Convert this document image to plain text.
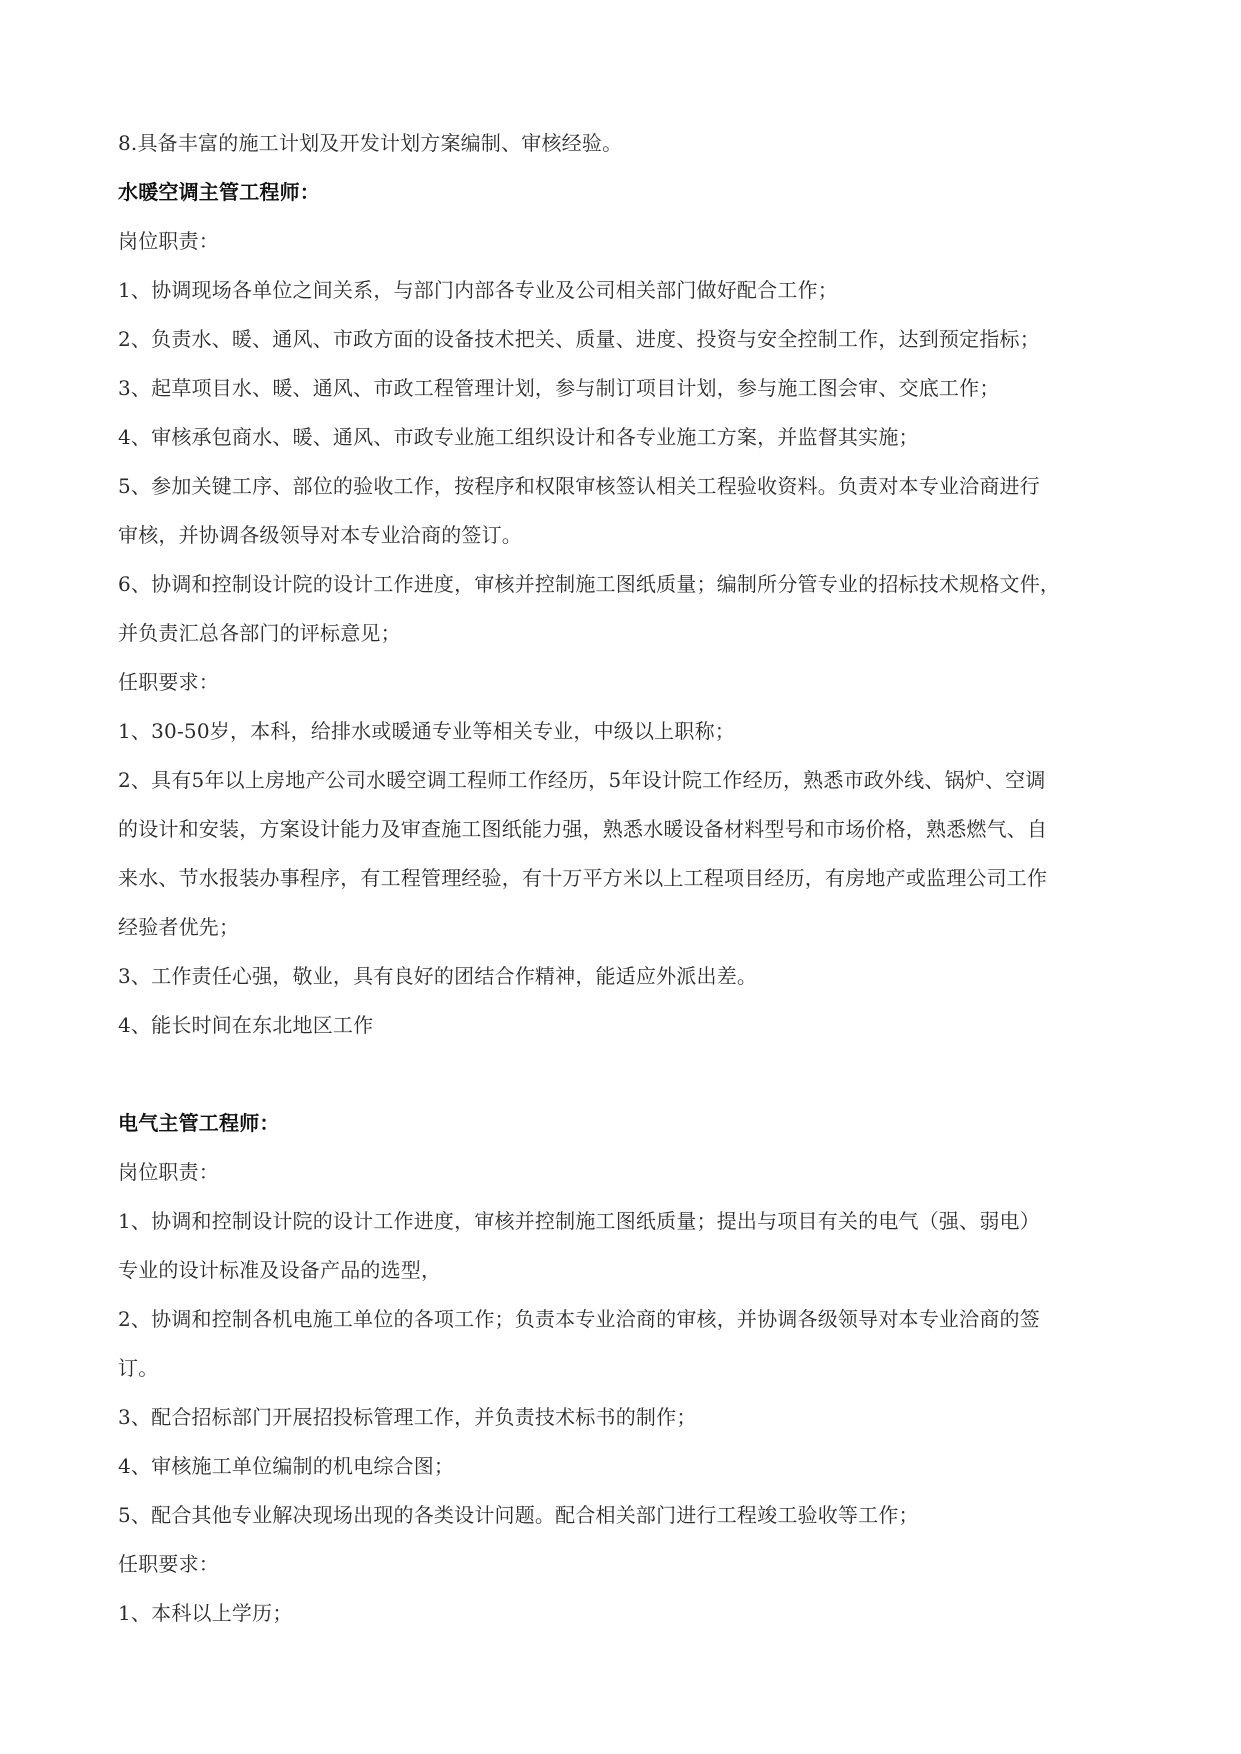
8.具备丰富的施工计划及开发计划方案编制、审核经验。
水暖空调主管工程师：
岗位职责：
1、协调现场各单位之间关系，与部门内部各专业及公司相关部门做好配合工作；
2、负责水、暖、通风、市政方面的设备技术把关、质量、进度、投资与安全控制工作，达到预定指标；
3、起草项目水、暖、通风、市政工程管理计划，参与制订项目计划，参与施工图会审、交底工作；
4、审核承包商水、暖、通风、市政专业施工组织设计和各专业施工方案，并监督其实施；
5、参加关键工序、部位的验收工作，按程序和权限审核签认相关工程验收资料。负责对本专业洽商进行
审核，并协调各级领导对本专业洽商的签订。
6、协调和控制设计院的设计工作进度，审核并控制施工图纸质量；编制所分管专业的招标技术规格文件，
并负责汇总各部门的评标意见；
任职要求：
1、30-50岁，本科，给排水或暖通专业等相关专业，中级以上职称；
2、具有5年以上房地产公司水暖空调工程师工作经历，5年设计院工作经历，熟悉市政外线、锅炉、空调
的设计和安装，方案设计能力及审查施工图纸能力强，熟悉水暖设备材料型号和市场价格，熟悉燃气、自
来水、节水报装办事程序，有工程管理经验，有十万平方米以上工程项目经历，有房地产或监理公司工作
经验者优先；
3、工作责任心强，敬业，具有良好的团结合作精神，能适应外派出差。
4、能长时间在东北地区工作
电气主管工程师：
岗位职责：
1、协调和控制设计院的设计工作进度，审核并控制施工图纸质量；提出与项目有关的电气（强、弱电）
专业的设计标准及设备产品的选型，
2、协调和控制各机电施工单位的各项工作；负责本专业洽商的审核，并协调各级领导对本专业洽商的签
订。
3、配合招标部门开展招投标管理工作，并负责技术标书的制作；
4、审核施工单位编制的机电综合图；
5、配合其他专业解决现场出现的各类设计问题。配合相关部门进行工程竣工验收等工作；
任职要求：
1、本科以上学历；
